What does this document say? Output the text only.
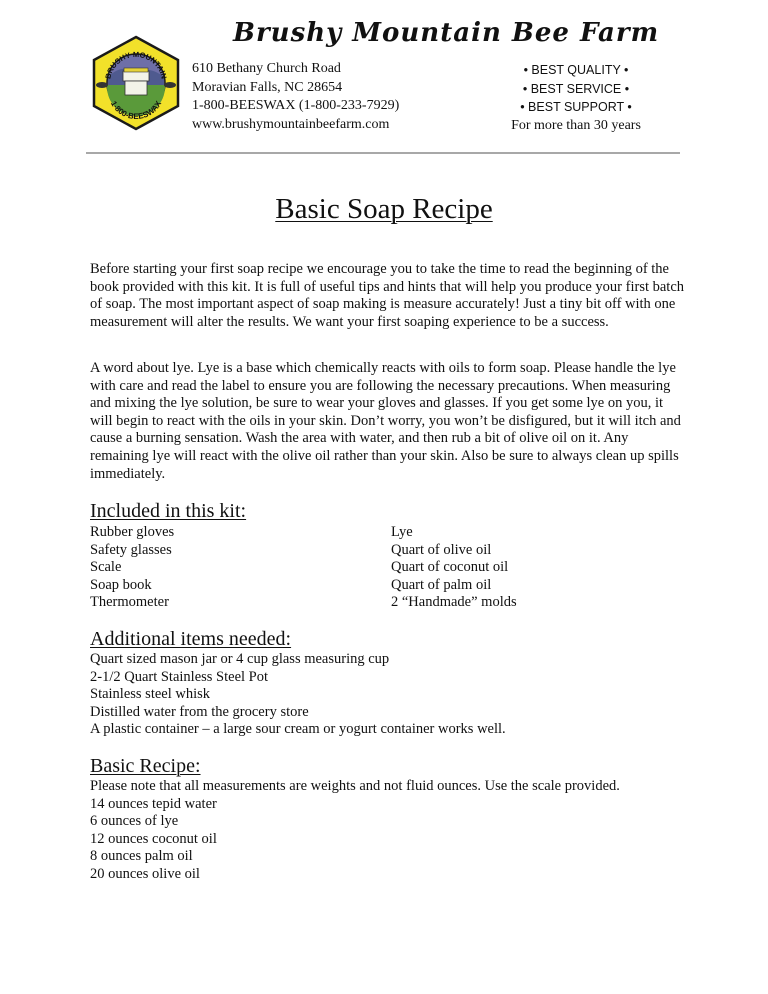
BRUSHY MOUNTAIN
1-800-BEESWAX
Brushy Mountain Bee Farm
610 Bethany Church Road
Moravian Falls, NC 28654
1-800-BEESWAX (1-800-233-7929)
www.brushymountainbeefarm.com
• BEST QUALITY •
• BEST SERVICE •
• BEST SUPPORT •
For more than 30 years
Basic Soap Recipe
Before starting your first soap recipe we encourage you to take the time to read the beginning of the book provided with this kit. It is full of useful tips and hints that will help you produce your first batch of soap. The most important aspect of soap making is measure accurately! Just a tiny bit off with one measurement will alter the results. We want your first soaping experience to be a success.
A word about lye. Lye is a base which chemically reacts with oils to form soap. Please handle the lye with care and read the label to ensure you are following the necessary precautions. When measuring and mixing the lye solution, be sure to wear your gloves and glasses. If you get some lye on you, it will begin to react with the oils in your skin. Don’t worry, you won’t be disfigured, but it will itch and cause a burning sensation. Wash the area with water, and then rub a bit of olive oil on it. Any remaining lye will react with the olive oil rather than your skin. Also be sure to always clean up spills immediately.
Included in this kit:
Rubber gloves
Safety glasses
Scale
Soap book
Thermometer
Lye
Quart of olive oil
Quart of coconut oil
Quart of palm oil
2 “Handmade” molds
Additional items needed:
Quart sized mason jar or 4 cup glass measuring cup
2-1/2 Quart Stainless Steel Pot
Stainless steel whisk
Distilled water from the grocery store
A plastic container – a large sour cream or yogurt container works well.
Basic Recipe:
Please note that all measurements are weights and not fluid ounces. Use the scale provided.
14 ounces tepid water
6 ounces of lye
12 ounces coconut oil
8 ounces palm oil
20 ounces olive oil
